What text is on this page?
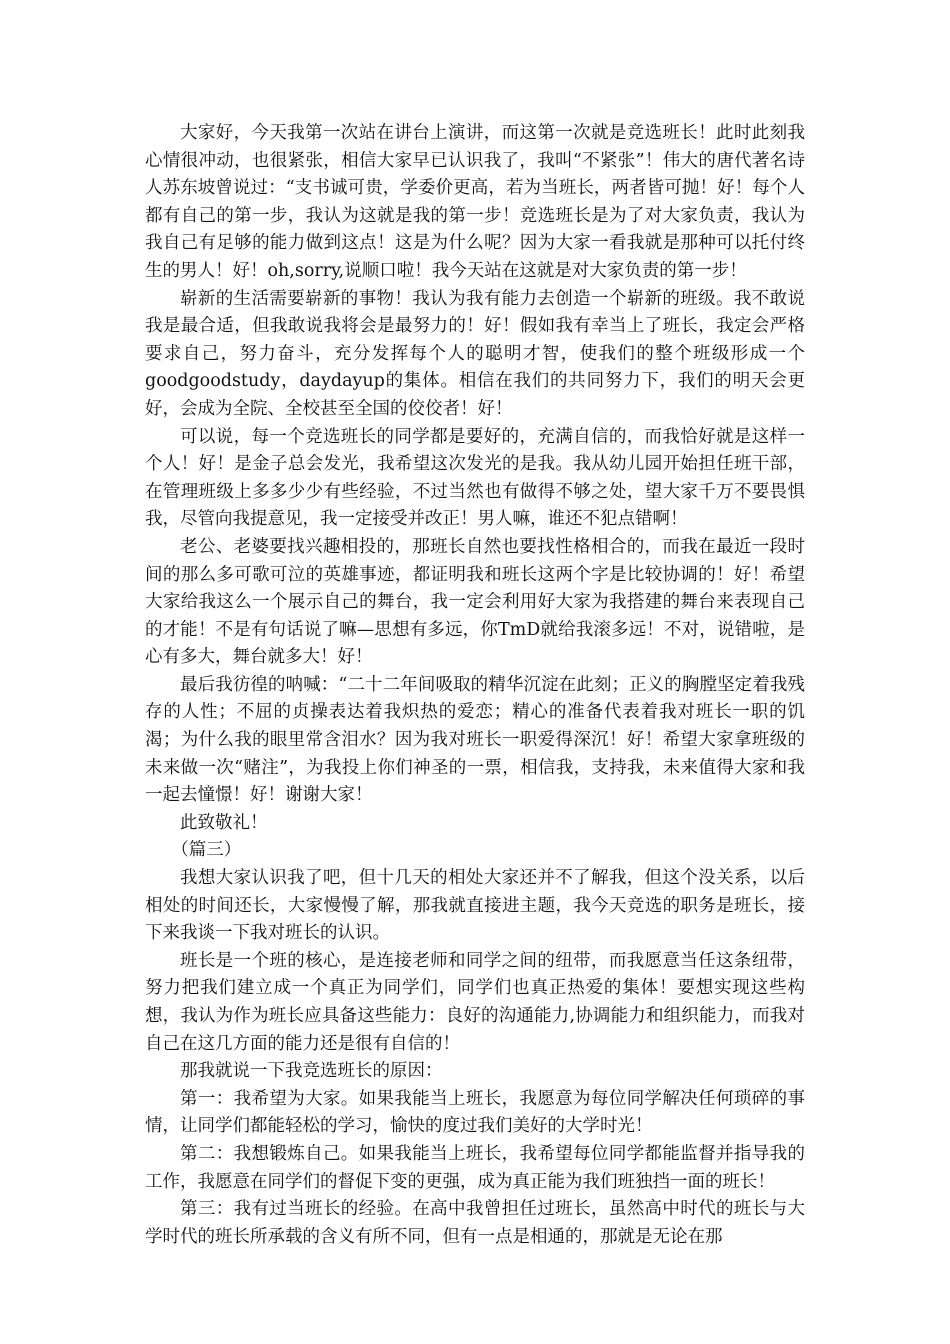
大家好，今天我第一次站在讲台上演讲，而这第一次就是竞选班长！此时此刻我心情很冲动，也很紧张，相信大家早已认识我了，我叫“不紧张”！伟大的唐代著名诗人苏东坡曾说过：“支书诚可贵，学委价更高，若为当班长，两者皆可抛！好！每个人都有自己的第一步，我认为这就是我的第一步！竞选班长是为了对大家负责，我认为我自己有足够的能力做到这点！这是为什么呢？因为大家一看我就是那种可以托付终生的男人！好！oh,sorry,说顺口啦！我今天站在这就是对大家负责的第一步！

崭新的生活需要崭新的事物！我认为我有能力去创造一个崭新的班级。我不敢说我是最合适，但我敢说我将会是最努力的！好！假如我有幸当上了班长，我定会严格要求自己，努力奋斗，充分发挥每个人的聪明才智，使我们的整个班级形成一个goodgoodstudy，daydayup的集体。相信在我们的共同努力下，我们的明天会更好，会成为全院、全校甚至全国的佼佼者！好！

可以说，每一个竞选班长的同学都是要好的，充满自信的，而我恰好就是这样一个人！好！是金子总会发光，我希望这次发光的是我。我从幼儿园开始担任班干部，在管理班级上多多少少有些经验，不过当然也有做得不够之处，望大家千万不要畏惧我，尽管向我提意见，我一定接受并改正！男人嘛，谁还不犯点错啊！

老公、老婆要找兴趣相投的，那班长自然也要找性格相合的，而我在最近一段时间的那么多可歌可泣的英雄事迹，都证明我和班长这两个字是比较协调的！好！希望大家给我这么一个展示自己的舞台，我一定会利用好大家为我搭建的舞台来表现自己的才能！不是有句话说了嘛—思想有多远，你TmD就给我滚多远！不对，说错啦，是心有多大，舞台就多大！好！

最后我彷徨的呐喊：“二十二年间吸取的精华沉淀在此刻；正义的胸膛坚定着我残存的人性；不屈的贞操表达着我炽热的爱恋；精心的准备代表着我对班长一职的饥渴；为什么我的眼里常含泪水？因为我对班长一职爱得深沉！好！希望大家拿班级的未来做一次“赌注”，为我投上你们神圣的一票，相信我，支持我，未来值得大家和我一起去憧憬！好！谢谢大家！

此致敬礼！

（篇三）

我想大家认识我了吧，但十几天的相处大家还并不了解我，但这个没关系，以后相处的时间还长，大家慢慢了解，那我就直接进主题，我今天竞选的职务是班长，接下来我谈一下我对班长的认识。

班长是一个班的核心，是连接老师和同学之间的纽带，而我愿意当任这条纽带，努力把我们建立成一个真正为同学们，同学们也真正热爱的集体！要想实现这些构想，我认为作为班长应具备这些能力：良好的沟通能力,协调能力和组织能力，而我对自己在这几方面的能力还是很有自信的！

那我就说一下我竞选班长的原因：

第一：我希望为大家。如果我能当上班长，我愿意为每位同学解决任何琐碎的事情，让同学们都能轻松的学习，愉快的度过我们美好的大学时光！

第二：我想锻炼自己。如果我能当上班长，我希望每位同学都能监督并指导我的工作，我愿意在同学们的督促下变的更强，成为真正能为我们班独挡一面的班长！

第三：我有过当班长的经验。在高中我曾担任过班长，虽然高中时代的班长与大学时代的班长所承载的含义有所不同，但有一点是相通的，那就是无论在那
